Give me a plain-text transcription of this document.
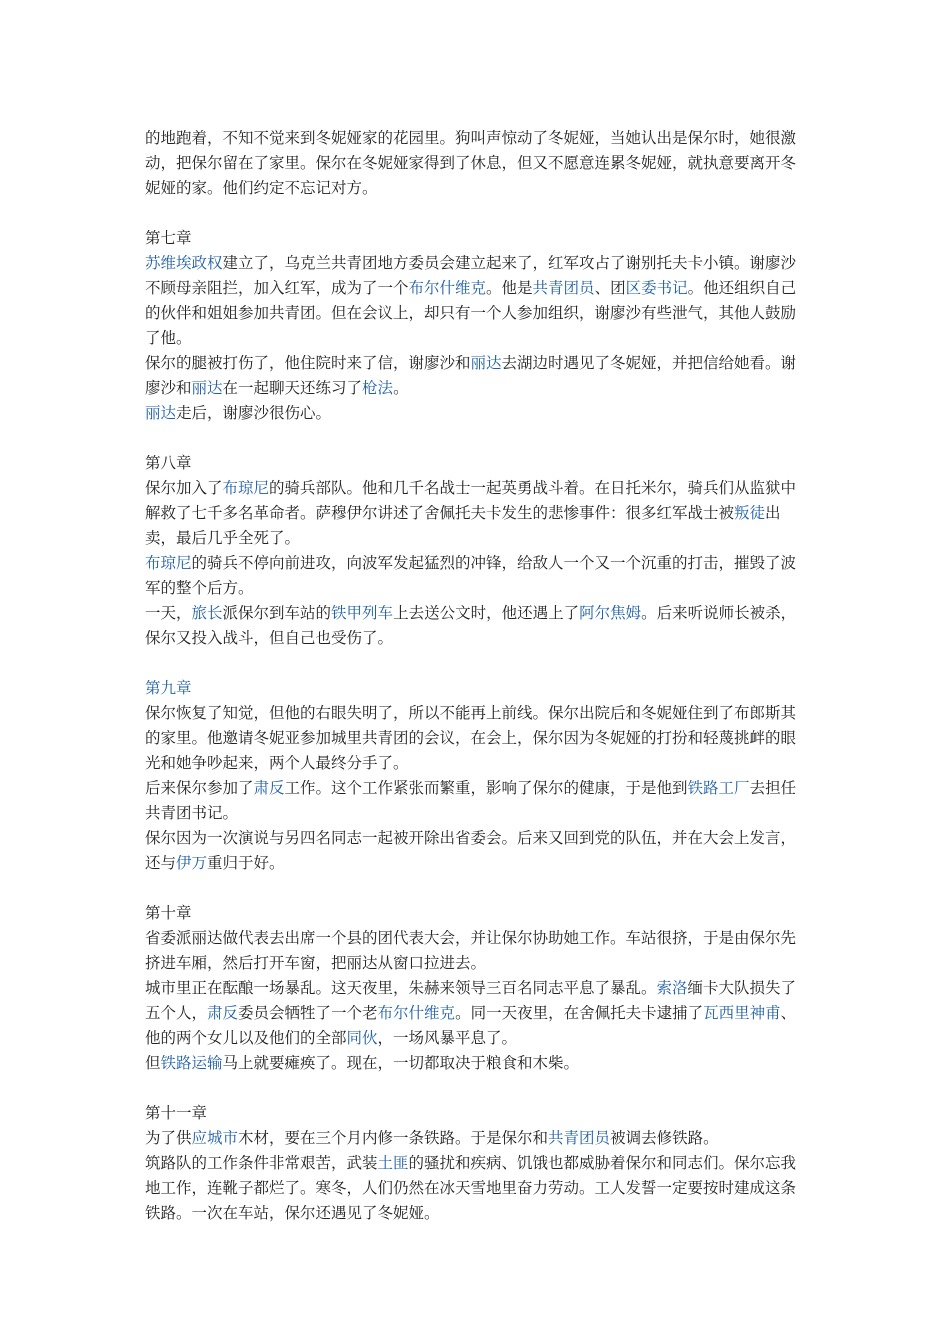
的地跑着，不知不觉来到冬妮娅家的花园里。狗叫声惊动了冬妮娅，当她认出是保尔时，她很激动，把保尔留在了家里。保尔在冬妮娅家得到了休息，但又不愿意连累冬妮娅，就执意要离开冬妮娅的家。他们约定不忘记对方。
第七章
苏维埃政权建立了，乌克兰共青团地方委员会建立起来了，红军攻占了谢别托夫卡小镇。谢廖沙不顾母亲阻拦，加入红军，成为了一个布尔什维克。他是共青团员、团区委书记。他还组织自己的伙伴和姐姐参加共青团。但在会议上，却只有一个人参加组织，谢廖沙有些泄气，其他人鼓励了他。
保尔的腿被打伤了，他住院时来了信，谢廖沙和丽达去湖边时遇见了冬妮娅，并把信给她看。谢廖沙和丽达在一起聊天还练习了枪法。
丽达走后，谢廖沙很伤心。
第八章
保尔加入了布琼尼的骑兵部队。他和几千名战士一起英勇战斗着。在日托米尔，骑兵们从监狱中解救了七千多名革命者。萨穆伊尔讲述了舍佩托夫卡发生的悲惨事件：很多红军战士被叛徒出卖，最后几乎全死了。
布琼尼的骑兵不停向前进攻，向波军发起猛烈的冲锋，给敌人一个又一个沉重的打击，摧毁了波军的整个后方。
一天，旅长派保尔到车站的铁甲列车上去送公文时，他还遇上了阿尔焦姆。后来听说师长被杀，保尔又投入战斗，但自己也受伤了。
第九章
保尔恢复了知觉，但他的右眼失明了，所以不能再上前线。保尔出院后和冬妮娅住到了布郎斯其的家里。他邀请冬妮亚参加城里共青团的会议，在会上，保尔因为冬妮娅的打扮和轻蔑挑衅的眼光和她争吵起来，两个人最终分手了。
后来保尔参加了肃反工作。这个工作紧张而繁重，影响了保尔的健康，于是他到铁路工厂去担任共青团书记。
保尔因为一次演说与另四名同志一起被开除出省委会。后来又回到党的队伍，并在大会上发言，还与伊万重归于好。
第十章
省委派丽达做代表去出席一个县的团代表大会，并让保尔协助她工作。车站很挤，于是由保尔先挤进车厢，然后打开车窗，把丽达从窗口拉进去。
城市里正在酝酿一场暴乱。这天夜里，朱赫来领导三百名同志平息了暴乱。索洛缅卡大队损失了五个人，肃反委员会牺牲了一个老布尔什维克。同一天夜里，在舍佩托夫卡逮捕了瓦西里神甫、他的两个女儿以及他们的全部同伙，一场风暴平息了。
但铁路运输马上就要瘫痪了。现在，一切都取决于粮食和木柴。
第十一章
为了供应城市木材，要在三个月内修一条铁路。于是保尔和共青团员被调去修铁路。
筑路队的工作条件非常艰苦，武装土匪的骚扰和疾病、饥饿也都威胁着保尔和同志们。保尔忘我地工作，连靴子都烂了。寒冬，人们仍然在冰天雪地里奋力劳动。工人发誓一定要按时建成这条铁路。一次在车站，保尔还遇见了冬妮娅。
